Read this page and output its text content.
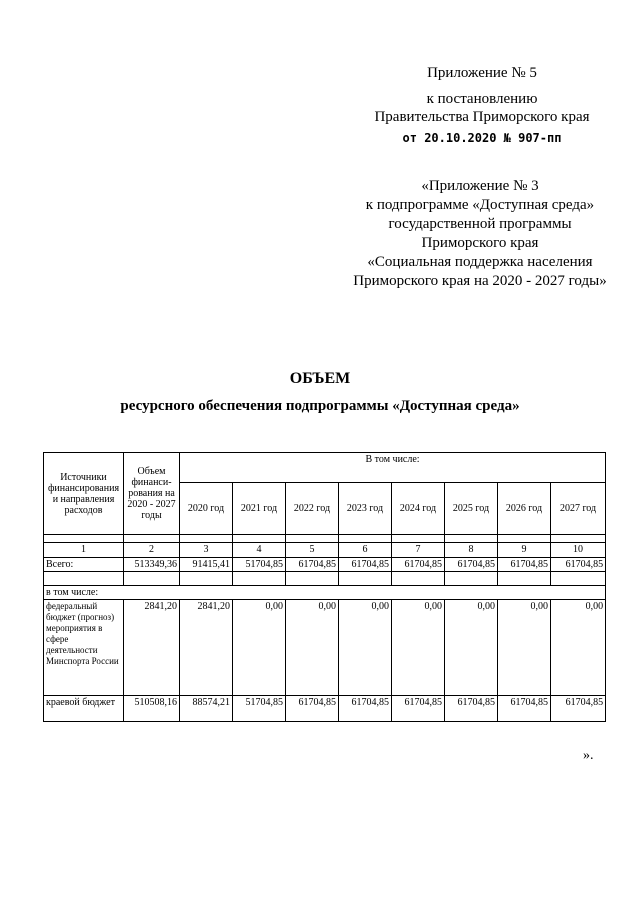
Приложение № 5
к постановлению
Правительства Приморского края
от 20.10.2020 № 907-пп
«Приложение № 3
к подпрограмме «Доступная среда»
государственной программы
Приморского края
«Социальная поддержка населения
Приморского края на 2020 - 2027 годы»
ОБЪЕМ
ресурсного обеспечения подпрограммы «Доступная среда»
Источники финансирования и направления расходов	Объем финанси-рования на 2020 - 2027 годы	В том числе:							
		2020 год	2021 год	2022 год	2023 год	2024 год	2025 год	2026 год	2027 год

1	2	3	4	5	6	7	8	9	10
Всего:	513349,36	91415,41	51704,85	61704,85	61704,85	61704,85	61704,85	61704,85	61704,85

в том числе:									
федеральный бюджет (прогноз) мероприятия в сфере деятельности Минспорта России	2841,20	2841,20	0,00	0,00	0,00	0,00	0,00	0,00	0,00
краевой бюджет	510508,16	88574,21	51704,85	61704,85	61704,85	61704,85	61704,85	61704,85	61704,85
».
